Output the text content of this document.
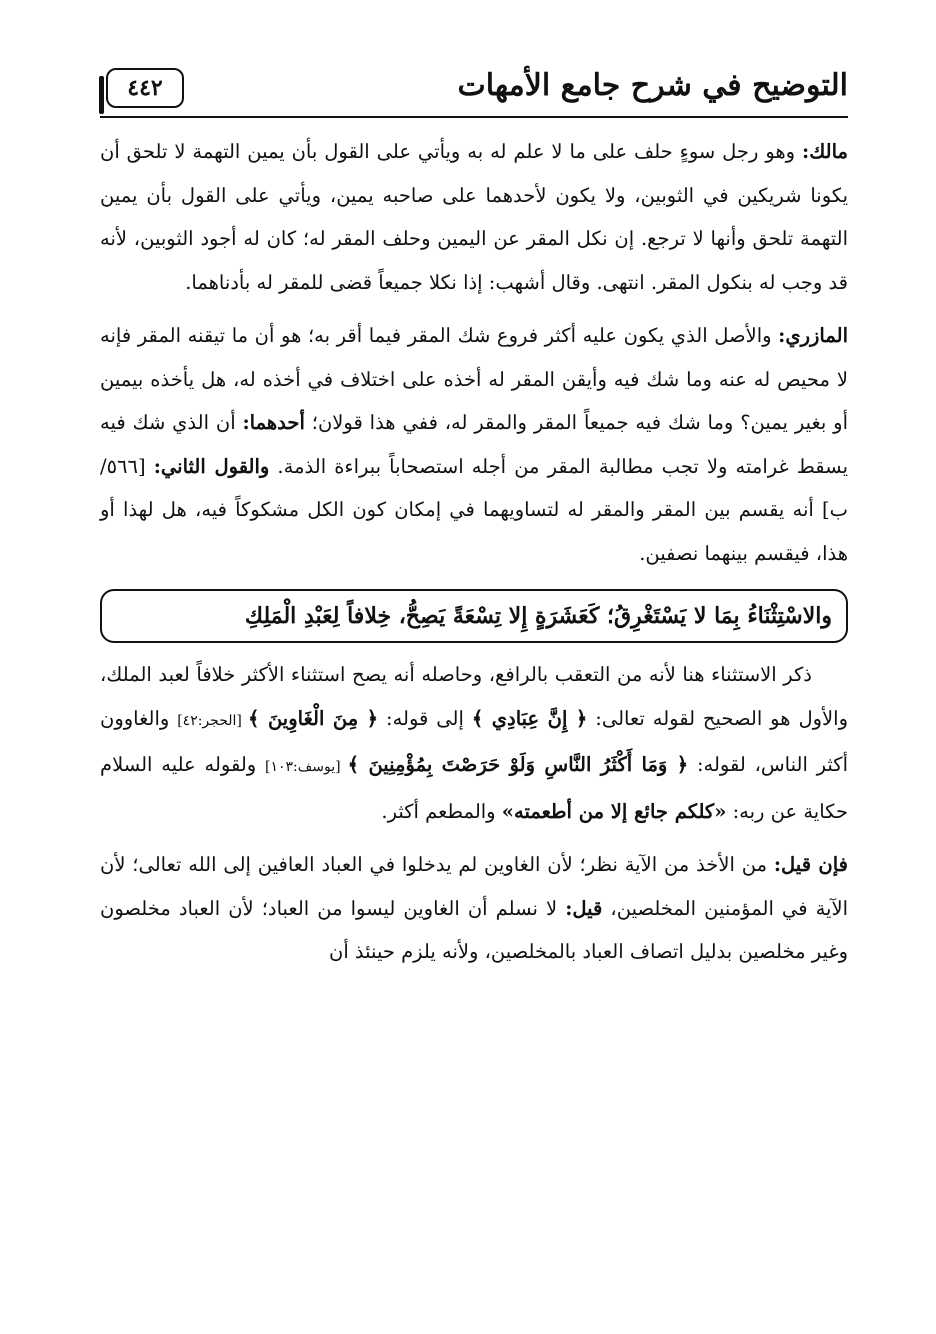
التوضيح في شرح جامع الأمهات
٤٤٢

مالك: وهو رجل سوءٍ حلف على ما لا علم له به ويأتي على القول بأن يمين التهمة لا تلحق أن يكونا شريكين في الثوبين، ولا يكون لأحدهما على صاحبه يمين، ويأتي على القول بأن يمين التهمة تلحق وأنها لا ترجع. إن نكل المقر عن اليمين وحلف المقر له؛ كان له أجود الثوبين، لأنه قد وجب له بنكول المقر. انتهى. وقال أشهب: إذا نكلا جميعاً قضى للمقر له بأدناهما.

المازري: والأصل الذي يكون عليه أكثر فروع شك المقر فيما أقر به؛ هو أن ما تيقنه المقر فإنه لا محيص له عنه وما شك فيه وأيقن المقر له أخذه على اختلاف في أخذه له، هل يأخذه بيمين أو بغير يمين؟ وما شك فيه جميعاً المقر والمقر له، ففي هذا قولان؛ أحدهما: أن الذي شك فيه يسقط غرامته ولا تجب مطالبة المقر من أجله استصحاباً ببراءة الذمة. والقول الثاني: [٥٦٦/ ب] أنه يقسم بين المقر والمقر له لتساويهما في إمكان كون الكل مشكوكاً فيه، هل لهذا أو هذا، فيقسم بينهما نصفين.

والاسْتِثْنَاءُ بِمَا لا يَسْتَغْرِقُ؛ كَعَشَرَةٍ إِلا تِسْعَةً يَصِحُّ، خِلافاً لِعَبْدِ الْمَلِكِ

ذكر الاستثناء هنا لأنه من التعقب بالرافع، وحاصله أنه يصح استثناء الأكثر خلافاً لعبد الملك، والأول هو الصحيح لقوله تعالى: ﴿ إِنَّ عِبَادِي ﴾ إلى قوله: ﴿ مِنَ الْغَاوِينَ ﴾ [الحجر:٤٢] والغاوون أكثر الناس، لقوله: ﴿ وَمَا أَكْثَرُ النَّاسِ وَلَوْ حَرَصْتَ بِمُؤْمِنِينَ ﴾ [يوسف:١٠٣] ولقوله عليه السلام حكاية عن ربه: «كلكم جائع إلا من أطعمته» والمطعم أكثر.

فإن قيل: من الأخذ من الآية نظر؛ لأن الغاوين لم يدخلوا في العباد العافين إلى الله تعالى؛ لأن الآية في المؤمنين المخلصين، قيل: لا نسلم أن الغاوين ليسوا من العباد؛ لأن العباد مخلصون وغير مخلصين بدليل اتصاف العباد بالمخلصين، ولأنه يلزم حينئذ أن
